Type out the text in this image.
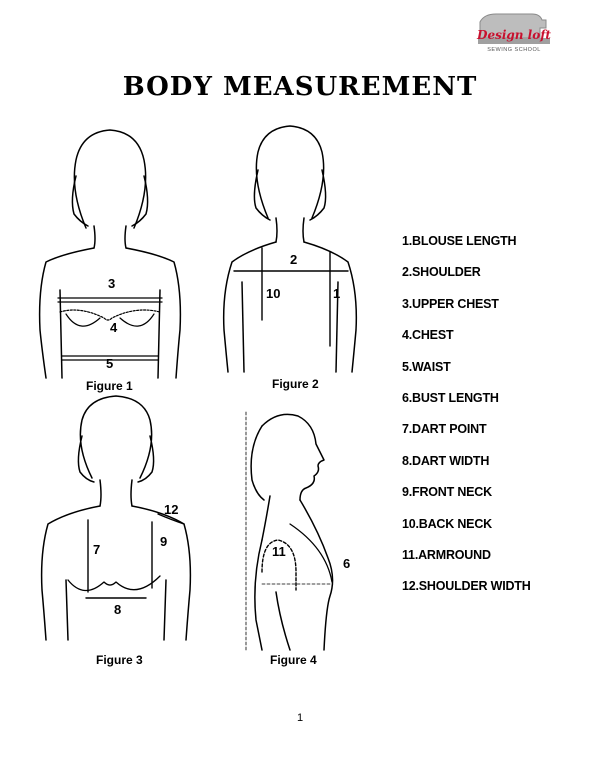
Design loft
SEWING SCHOOL
BODY MEASUREMENT
3
4
5
Figure 1
2
10	1
Figure 2
12
7
9
8
Figure 3
11
6
Figure 4
1.BLOUSE LENGTH
2.SHOULDER
3.UPPER CHEST
4.CHEST
5.WAIST
6.BUST LENGTH
7.DART POINT
8.DART WIDTH
9.FRONT NECK
10.BACK NECK
11.ARMROUND
12.SHOULDER WIDTH
1
